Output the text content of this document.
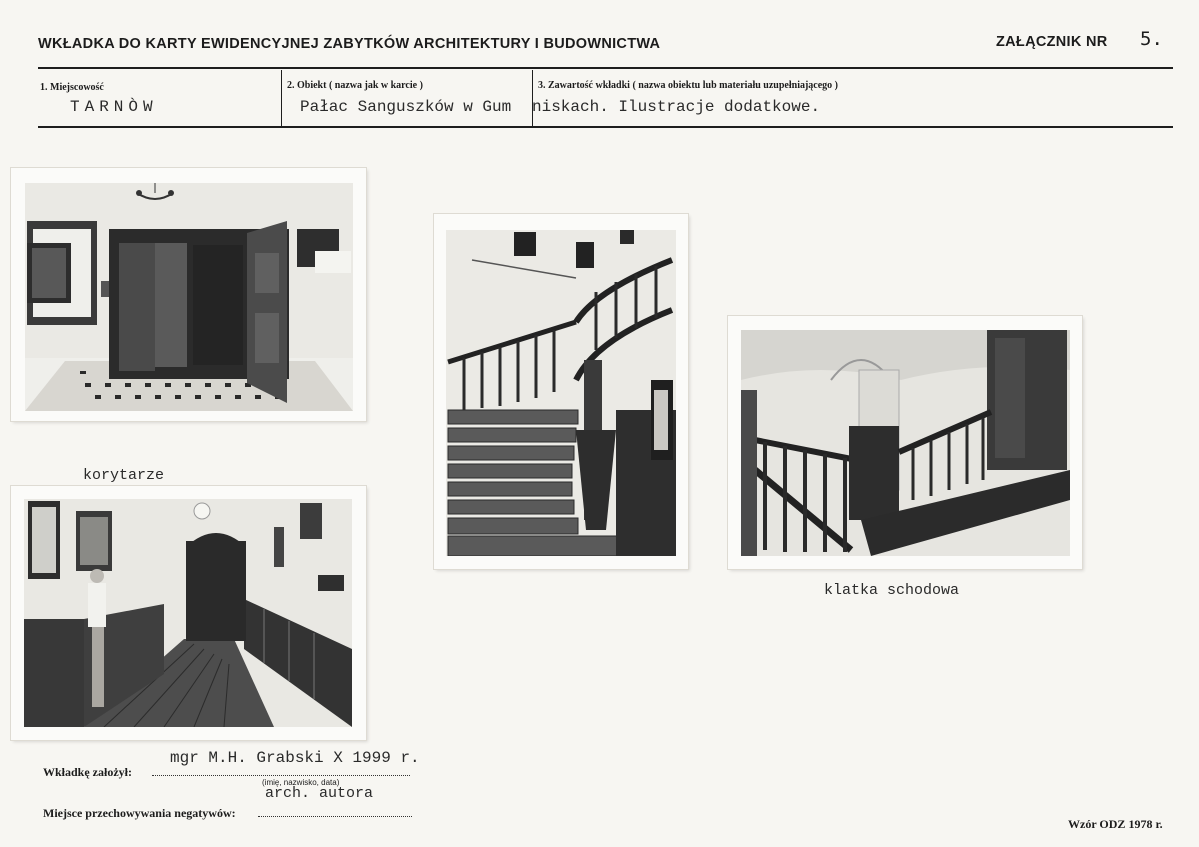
WKŁADKA DO KARTY EWIDENCYJNEJ ZABYTKÓW ARCHITEKTURY I BUDOWNICTWA	ZAŁĄCZNIK NR 5.
1. Miejscowość	2. Obiekt ( nazwa jak w karcie )	3. Zawartość wkładki ( nazwa obiektu lub materiału uzupełniającego )
TARNÒW	Pałac Sanguszków w Gum niskach. Ilustracje dodatkowe.
korytarze
klatka schodowa
mgr M.H. Grabski X 1999 r.
Wkładkę założył:
(imię, nazwisko, data)
arch. autora
Miejsce przechowywania negatywów:
Wzór ODZ 1978 r.
